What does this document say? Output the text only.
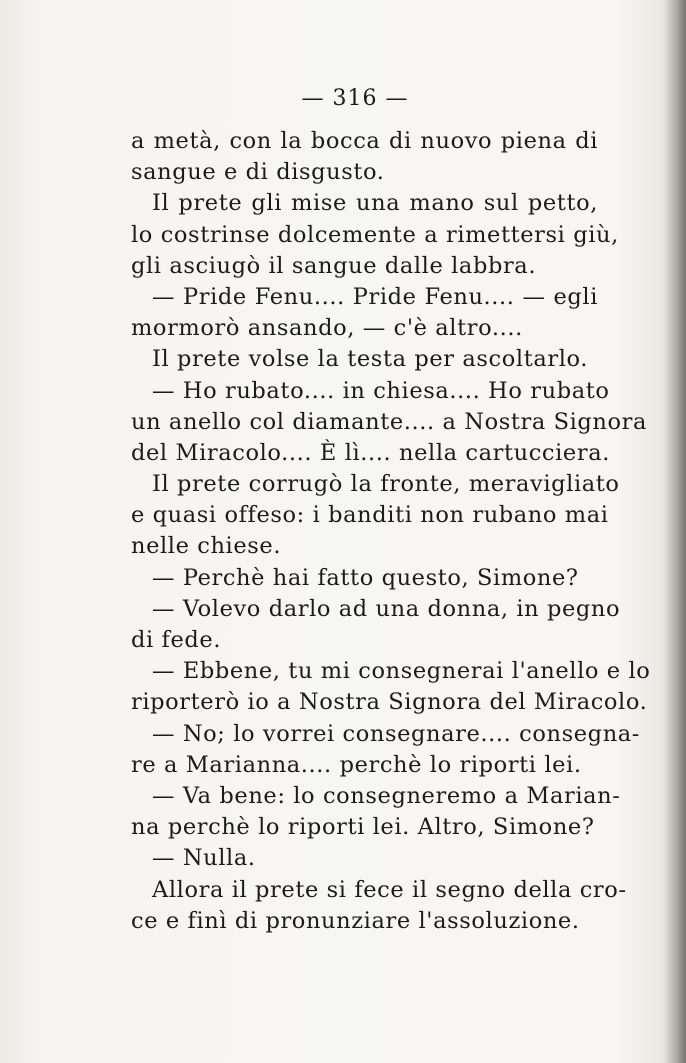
— 316 —
a metà, con la bocca di nuovo piena di
sangue e di disgusto.
Il prete gli mise una mano sul petto,
lo costrinse dolcemente a rimettersi giù,
gli asciugò il sangue dalle labbra.
— Pride Fenu.... Pride Fenu.... — egli
mormorò ansando, — c'è altro....
Il prete volse la testa per ascoltarlo.
— Ho rubato.... in chiesa.... Ho rubato
un anello col diamante.... a Nostra Signora
del Miracolo.... È lì.... nella cartucciera.
Il prete corrugò la fronte, meravigliato
e quasi offeso: i banditi non rubano mai
nelle chiese.
— Perchè hai fatto questo, Simone?
— Volevo darlo ad una donna, in pegno
di fede.
— Ebbene, tu mi consegnerai l'anello e lo
riporterò io a Nostra Signora del Miracolo.
— No; lo vorrei consegnare.... consegna-
re a Marianna.... perchè lo riporti lei.
— Va bene: lo consegneremo a Marian-
na perchè lo riporti lei. Altro, Simone?
— Nulla.
Allora il prete si fece il segno della cro-
ce e finì di pronunziare l'assoluzione.
